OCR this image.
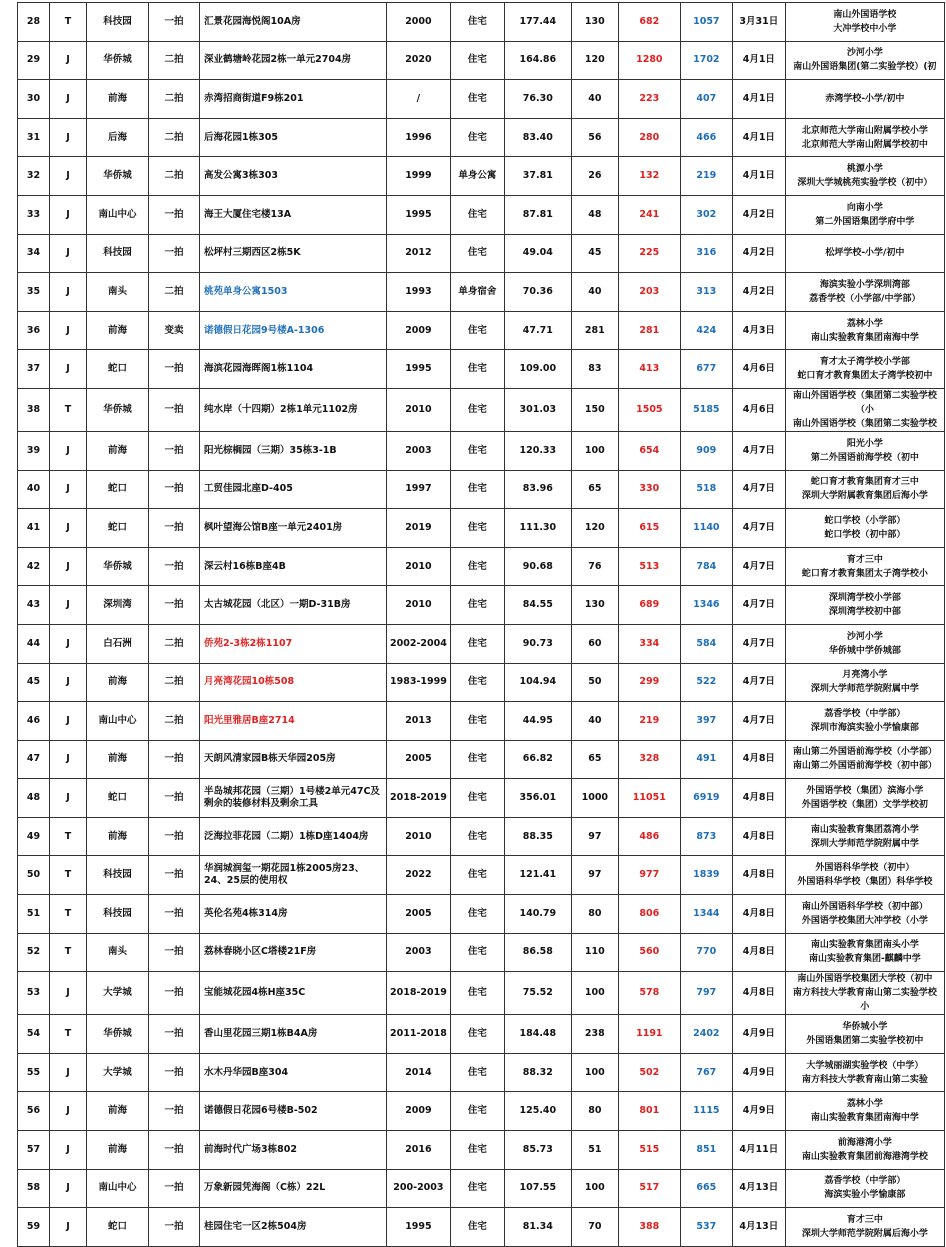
28	T	科技园	一拍	汇景花园海悦阁10A房	2000	住宅	177.44	130	682	1057	3月31日	南山外国语学校
大冲学校中小学
29	J	华侨城	二拍	深业鹤塘岭花园2栋一单元2704房	2020	住宅	164.86	120	1280	1702	4月1日	沙河小学
南山外国语集团(第二实验学校）(初
30	J	前海	二拍	赤湾招商街道F9栋201	/	住宅	76.30	40	223	407	4月1日	赤湾学校-小学/初中
31	J	后海	二拍	后海花园1栋305	1996	住宅	83.40	56	280	466	4月1日	北京师范大学南山附属学校小学
北京师范大学南山附属学校初中
32	J	华侨城	二拍	高发公寓3栋303	1999	单身公寓	37.81	26	132	219	4月1日	桃源小学
深圳大学城桃苑实验学校（初中）
33	J	南山中心	一拍	海王大厦住宅楼13A	1995	住宅	87.81	48	241	302	4月2日	向南小学
第二外国语集团学府中学
34	J	科技园	一拍	松坪村三期西区2栋5K	2012	住宅	49.04	45	225	316	4月2日	松坪学校-小学/初中
35	J	南头	二拍	桃苑单身公寓1503	1993	单身宿舍	70.36	40	203	313	4月2日	海滨实验小学深圳湾部
荔香学校（小学部/中学部）
36	J	前海	变卖	诺德假日花园9号楼A-1306	2009	住宅	47.71	281	281	424	4月3日	荔林小学
南山实验教育集团南海中学
37	J	蛇口	一拍	海滨花园海晖阁1栋1104	1995	住宅	109.00	83	413	677	4月6日	育才太子湾学校小学部
蛇口育才教育集团太子湾学校初中
38	T	华侨城	一拍	纯水岸（十四期）2栋1单元1102房	2010	住宅	301.03	150	1505	5185	4月6日	南山外国语学校（集团第二实验学校（小
南山外国语学校（集团第二实验学校
39	J	前海	一拍	阳光棕榈园（三期）35栋3-1B	2003	住宅	120.33	100	654	909	4月7日	阳光小学
第二外国语前海学校（初中
40	J	蛇口	一拍	工贸佳园北座D-405	1997	住宅	83.96	65	330	518	4月7日	蛇口育才教育集团育才三中
深圳大学附属教育集团后海小学
41	J	蛇口	一拍	枫叶望海公馆B座一单元2401房	2019	住宅	111.30	120	615	1140	4月7日	蛇口学校（小学部）
蛇口学校（初中部）
42	J	华侨城	一拍	深云村16栋B座4B	2010	住宅	90.68	76	513	784	4月7日	育才三中
蛇口育才教育集团太子湾学校小
43	J	深圳湾	一拍	太古城花园（北区）一期D-31B房	2010	住宅	84.55	130	689	1346	4月7日	深圳湾学校小学部
深圳湾学校初中部
44	J	白石洲	二拍	侨苑2-3栋2栋1107	2002-2004	住宅	90.73	60	334	584	4月7日	沙河小学
华侨城中学侨城部
45	J	前海	二拍	月亮湾花园10栋508	1983-1999	住宅	104.94	50	299	522	4月7日	月亮湾小学
深圳大学师范学院附属中学
46	J	南山中心	二拍	阳光里雅居B座2714	2013	住宅	44.95	40	219	397	4月7日	荔香学校（中学部）
深圳市海滨实验小学愉康部
47	J	前海	一拍	天朗风清家园B栋天华园205房	2005	住宅	66.82	65	328	491	4月8日	南山第二外国语前海学校（小学部）
南山第二外国语前海学校（初中部）
48	J	蛇口	一拍	半岛城邦花园（三期）1号楼2单元47C及剩余的装修材料及剩余工具	2018-2019	住宅	356.01	1000	11051	6919	4月8日	外国语学校（集团）滨海小学
外国语学校（集团）文学学校初
49	T	前海	一拍	泛海拉菲花园（二期）1栋D座1404房	2010	住宅	88.35	97	486	873	4月8日	南山实验教育集团荔湾小学
深圳大学师范学院附属中学
50	T	科技园	一拍	华润城润玺一期花园1栋2005房23、24、25层的使用权	2022	住宅	121.41	97	977	1839	4月8日	外国语科华学校（初中）
外国语科华学校（集团）科华学校
51	T	科技园	一拍	英伦名苑4栋314房	2005	住宅	140.79	80	806	1344	4月8日	南山外国语科华学校（初中部）
外国语学校集团大冲学校（小学
52	T	南头	一拍	荔林春晓小区C塔楼21F房	2003	住宅	86.58	110	560	770	4月8日	南山实验教育集团南头小学
南山实验教育集团-麒麟中学
53	J	大学城	一拍	宝能城花园4栋H座35C	2018-2019	住宅	75.52	100	578	797	4月8日	南山外国语学校集团大学校（初中
南方科技大学教育南山第二实验学校小
54	T	华侨城	一拍	香山里花园三期1栋B4A房	2011-2018	住宅	184.48	238	1191	2402	4月9日	华侨城小学
外国语集团第二实验学校初中
55	J	大学城	一拍	水木丹华园B座304	2014	住宅	88.32	100	502	767	4月9日	大学城丽湖实验学校（中学）
南方科技大学教育南山第二实验
56	J	前海	一拍	诺德假日花园6号楼B-502	2009	住宅	125.40	80	801	1115	4月9日	荔林小学
南山实验教育集团南海中学
57	J	前海	一拍	前海时代广场3栋802	2016	住宅	85.73	51	515	851	4月11日	前海港湾小学
南山实验教育集团前海港湾学校
58	J	南山中心	一拍	万象新园凭海阁（C栋）22L	200-2003	住宅	107.55	100	517	665	4月13日	荔香学校（中学部）
海滨实验小学愉康部
59	J	蛇口	一拍	桂园住宅一区2栋504房	1995	住宅	81.34	70	388	537	4月13日	育才三中
深圳大学师范学院附属后海小学
